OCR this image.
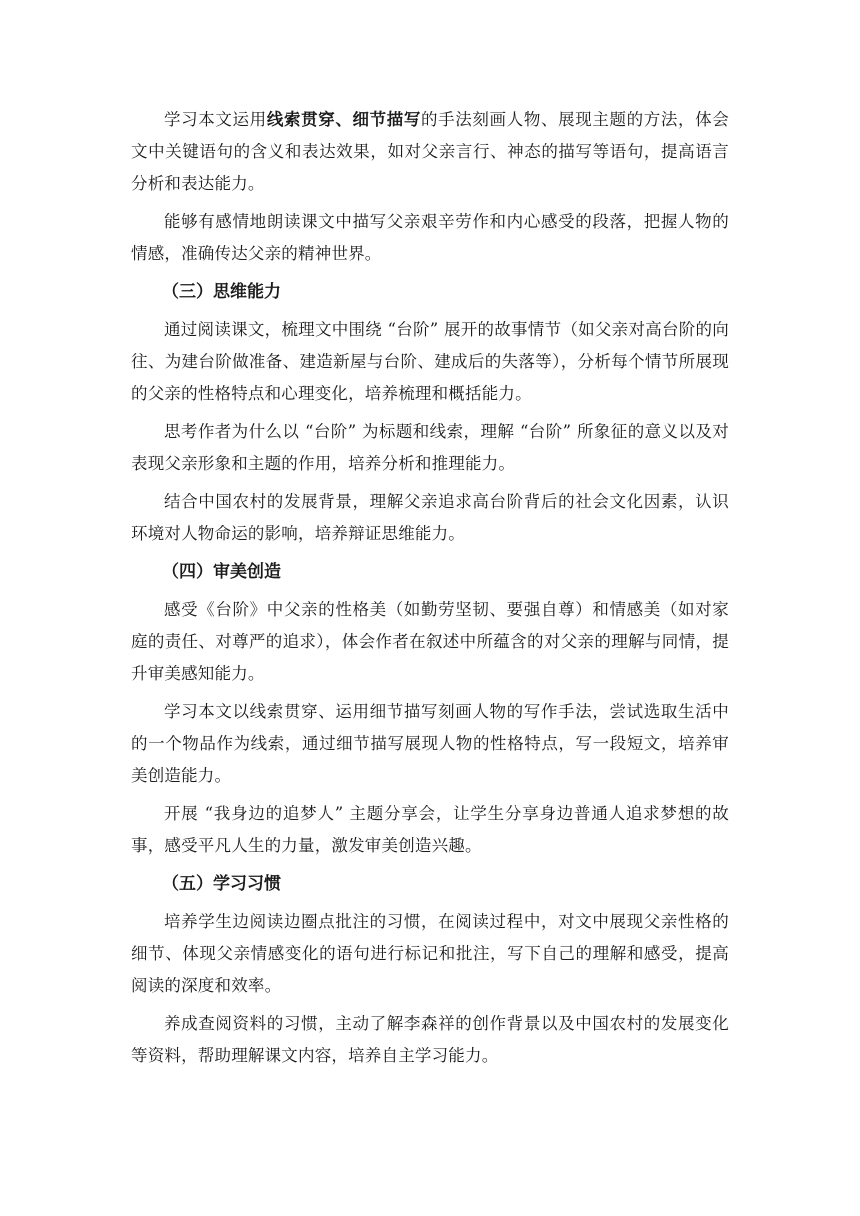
学习本文运用线索贯穿、细节描写的手法刻画人物、展现主题的方法，体会文中关键语句的含义和表达效果，如对父亲言行、神态的描写等语句，提高语言分析和表达能力。

能够有感情地朗读课文中描写父亲艰辛劳作和内心感受的段落，把握人物的情感，准确传达父亲的精神世界。

（三）思维能力

通过阅读课文，梳理文中围绕 “台阶” 展开的故事情节（如父亲对高台阶的向往、为建台阶做准备、建造新屋与台阶、建成后的失落等），分析每个情节所展现的父亲的性格特点和心理变化，培养梳理和概括能力。

思考作者为什么以 “台阶” 为标题和线索，理解 “台阶” 所象征的意义以及对表现父亲形象和主题的作用，培养分析和推理能力。

结合中国农村的发展背景，理解父亲追求高台阶背后的社会文化因素，认识环境对人物命运的影响，培养辩证思维能力。

（四）审美创造

感受《台阶》中父亲的性格美（如勤劳坚韧、要强自尊）和情感美（如对家庭的责任、对尊严的追求），体会作者在叙述中所蕴含的对父亲的理解与同情，提升审美感知能力。

学习本文以线索贯穿、运用细节描写刻画人物的写作手法，尝试选取生活中的一个物品作为线索，通过细节描写展现人物的性格特点，写一段短文，培养审美创造能力。

开展 “我身边的追梦人” 主题分享会，让学生分享身边普通人追求梦想的故事，感受平凡人生的力量，激发审美创造兴趣。

（五）学习习惯

培养学生边阅读边圈点批注的习惯，在阅读过程中，对文中展现父亲性格的细节、体现父亲情感变化的语句进行标记和批注，写下自己的理解和感受，提高阅读的深度和效率。

养成查阅资料的习惯，主动了解李森祥的创作背景以及中国农村的发展变化等资料，帮助理解课文内容，培养自主学习能力。
